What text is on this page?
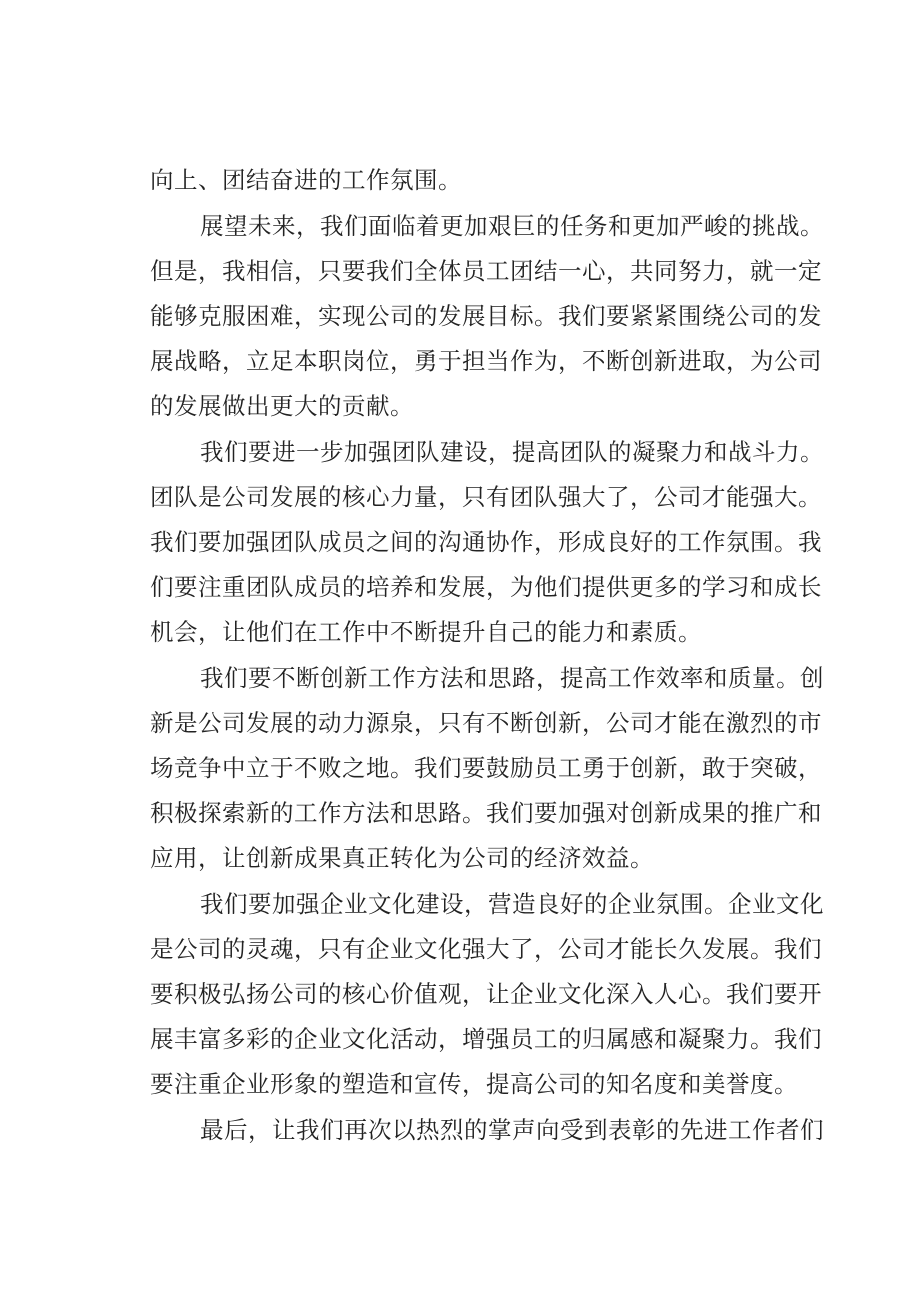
向上、团结奋进的工作氛围。
展望未来，我们面临着更加艰巨的任务和更加严峻的挑战。
但是，我相信，只要我们全体员工团结一心，共同努力，就一定
能够克服困难，实现公司的发展目标。我们要紧紧围绕公司的发
展战略，立足本职岗位，勇于担当作为，不断创新进取，为公司
的发展做出更大的贡献。
我们要进一步加强团队建设，提高团队的凝聚力和战斗力。
团队是公司发展的核心力量，只有团队强大了，公司才能强大。
我们要加强团队成员之间的沟通协作，形成良好的工作氛围。我
们要注重团队成员的培养和发展，为他们提供更多的学习和成长
机会，让他们在工作中不断提升自己的能力和素质。
我们要不断创新工作方法和思路，提高工作效率和质量。创
新是公司发展的动力源泉，只有不断创新，公司才能在激烈的市
场竞争中立于不败之地。我们要鼓励员工勇于创新，敢于突破，
积极探索新的工作方法和思路。我们要加强对创新成果的推广和
应用，让创新成果真正转化为公司的经济效益。
我们要加强企业文化建设，营造良好的企业氛围。企业文化
是公司的灵魂，只有企业文化强大了，公司才能长久发展。我们
要积极弘扬公司的核心价值观，让企业文化深入人心。我们要开
展丰富多彩的企业文化活动，增强员工的归属感和凝聚力。我们
要注重企业形象的塑造和宣传，提高公司的知名度和美誉度。
最后，让我们再次以热烈的掌声向受到表彰的先进工作者们
